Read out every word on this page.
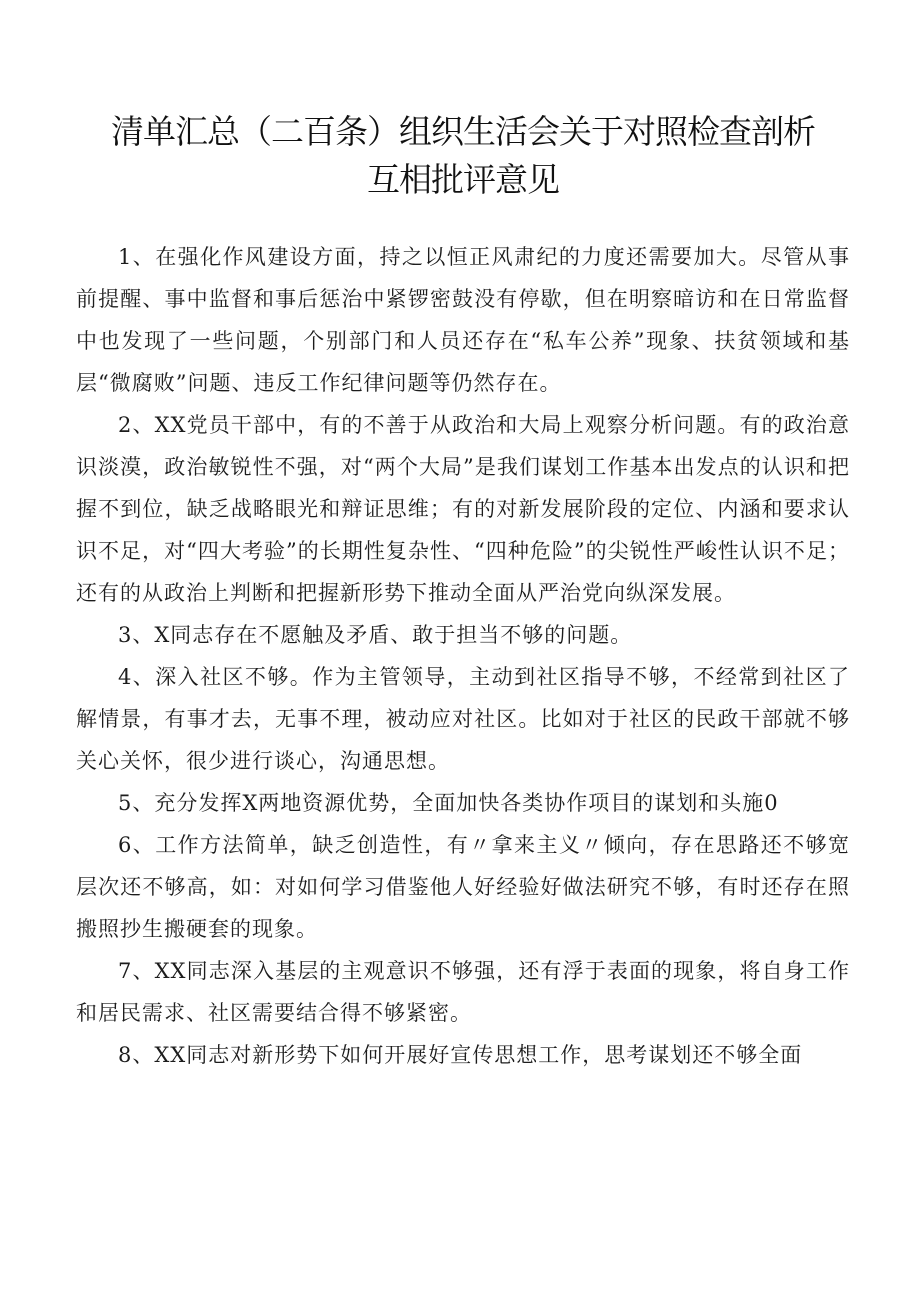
清单汇总（二百条）组织生活会关于对照检查剖析
互相批评意见

1、在强化作风建设方面，持之以恒正风肃纪的力度还需要加大。尽管从事前提醒、事中监督和事后惩治中紧锣密鼓没有停歇，但在明察暗访和在日常监督中也发现了一些问题，个别部门和人员还存在“私车公养”现象、扶贫领域和基层“微腐败”问题、违反工作纪律问题等仍然存在。

2、XX党员干部中，有的不善于从政治和大局上观察分析问题。有的政治意识淡漠，政治敏锐性不强，对“两个大局”是我们谋划工作基本出发点的认识和把握不到位，缺乏战略眼光和辩证思维；有的对新发展阶段的定位、内涵和要求认识不足，对“四大考验”的长期性复杂性、“四种危险”的尖锐性严峻性认识不足；还有的从政治上判断和把握新形势下推动全面从严治党向纵深发展。

3、X同志存在不愿触及矛盾、敢于担当不够的问题。

4、深入社区不够。作为主管领导，主动到社区指导不够，不经常到社区了解情景，有事才去，无事不理，被动应对社区。比如对于社区的民政干部就不够关心关怀，很少进行谈心，沟通思想。

5、充分发挥X两地资源优势，全面加快各类协作项目的谋划和头施0

6、工作方法简单，缺乏创造性，有〃拿来主义〃倾向，存在思路还不够宽层次还不够高，如：对如何学习借鉴他人好经验好做法研究不够，有时还存在照搬照抄生搬硬套的现象。

7、XX同志深入基层的主观意识不够强，还有浮于表面的现象，将自身工作和居民需求、社区需要结合得不够紧密。

8、XX同志对新形势下如何开展好宣传思想工作，思考谋划还不够全面
